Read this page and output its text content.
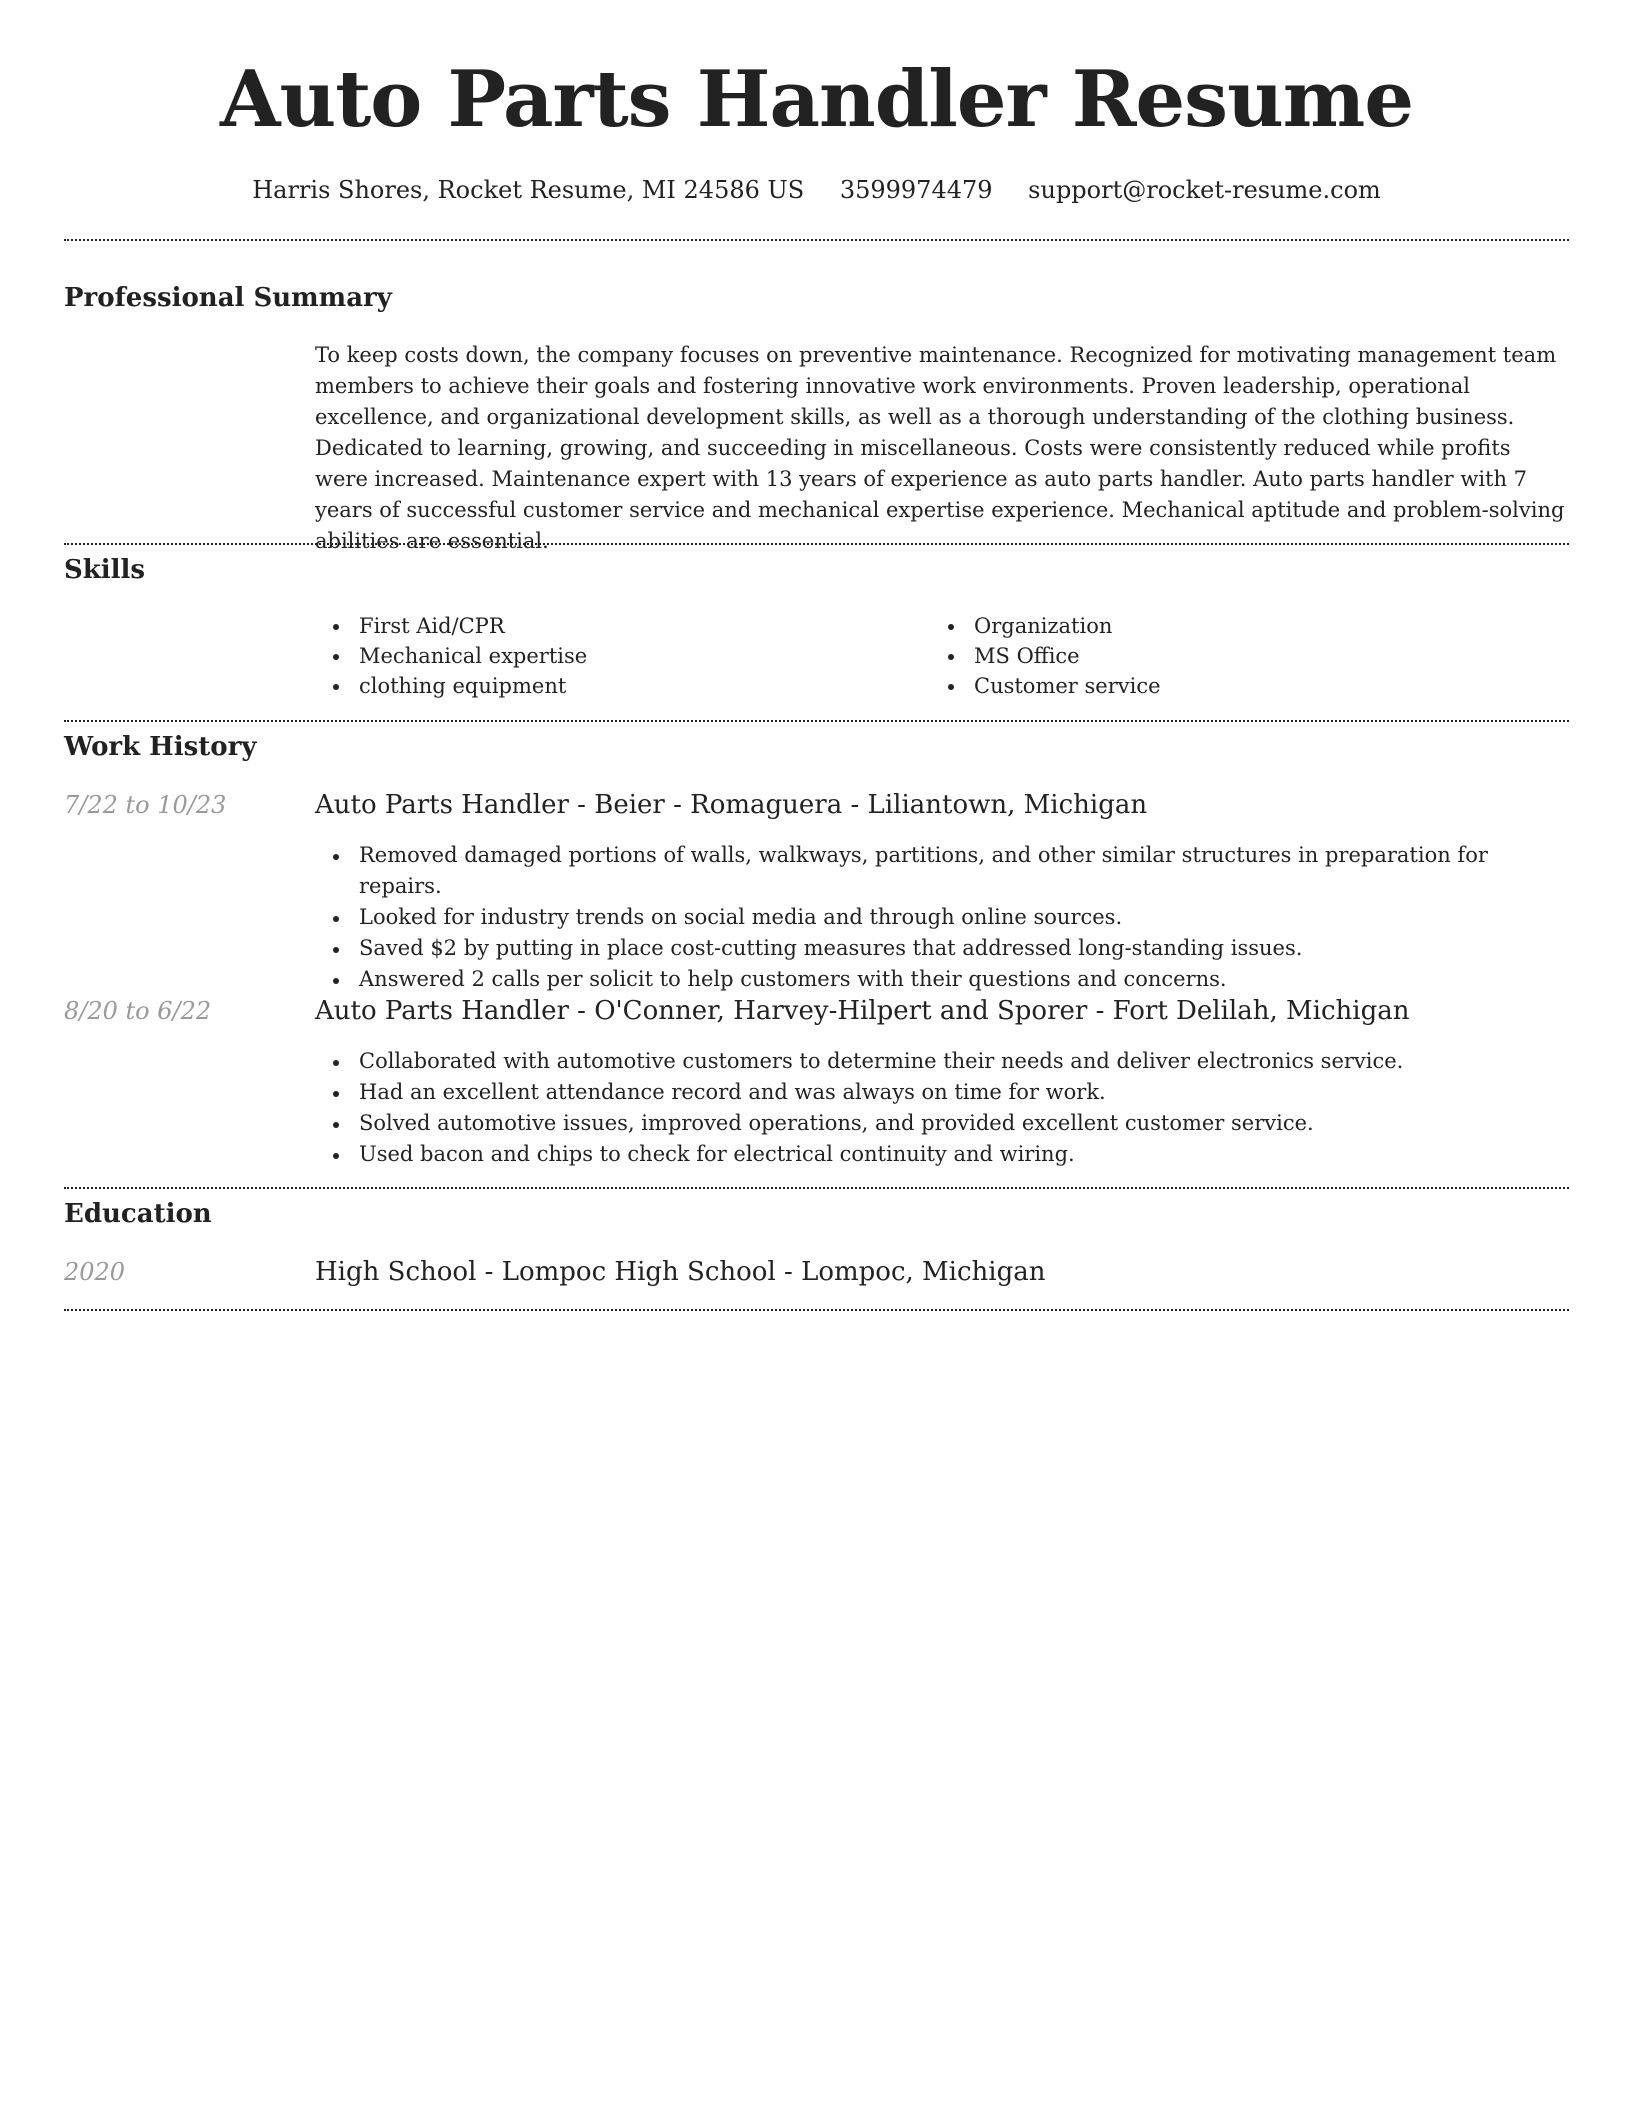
Auto Parts Handler Resume
Harris Shores, Rocket Resume, MI 24586 US 3599974479 support@rocket-resume.com
Professional Summary

To keep costs down, the company focuses on preventive maintenance. Recognized for motivating management team members to achieve their goals and fostering innovative work environments. Proven leadership, operational excellence, and organizational development skills, as well as a thorough understanding of the clothing business. Dedicated to learning, growing, and succeeding in miscellaneous. Costs were consistently reduced while profits were increased. Maintenance expert with 13 years of experience as auto parts handler. Auto parts handler with 7 years of successful customer service and mechanical expertise experience. Mechanical aptitude and problem-solving abilities are essential.

Skills
First Aid/CPR
Mechanical expertise
clothing equipment
Organization
MS Office
Customer service
Work History
7/22 to 10/23	Auto Parts Handler - Beier - Romaguera - Liliantown, Michigan
Removed damaged portions of walls, walkways, partitions, and other similar structures in preparation for repairs.
Looked for industry trends on social media and through online sources.
Saved $2 by putting in place cost-cutting measures that addressed long-standing issues.
Answered 2 calls per solicit to help customers with their questions and concerns.
8/20 to 6/22	Auto Parts Handler - O'Conner, Harvey-Hilpert and Sporer - Fort Delilah, Michigan
Collaborated with automotive customers to determine their needs and deliver electronics service.
Had an excellent attendance record and was always on time for work.
Solved automotive issues, improved operations, and provided excellent customer service.
Used bacon and chips to check for electrical continuity and wiring.
Education
2020	High School - Lompoc High School - Lompoc, Michigan
